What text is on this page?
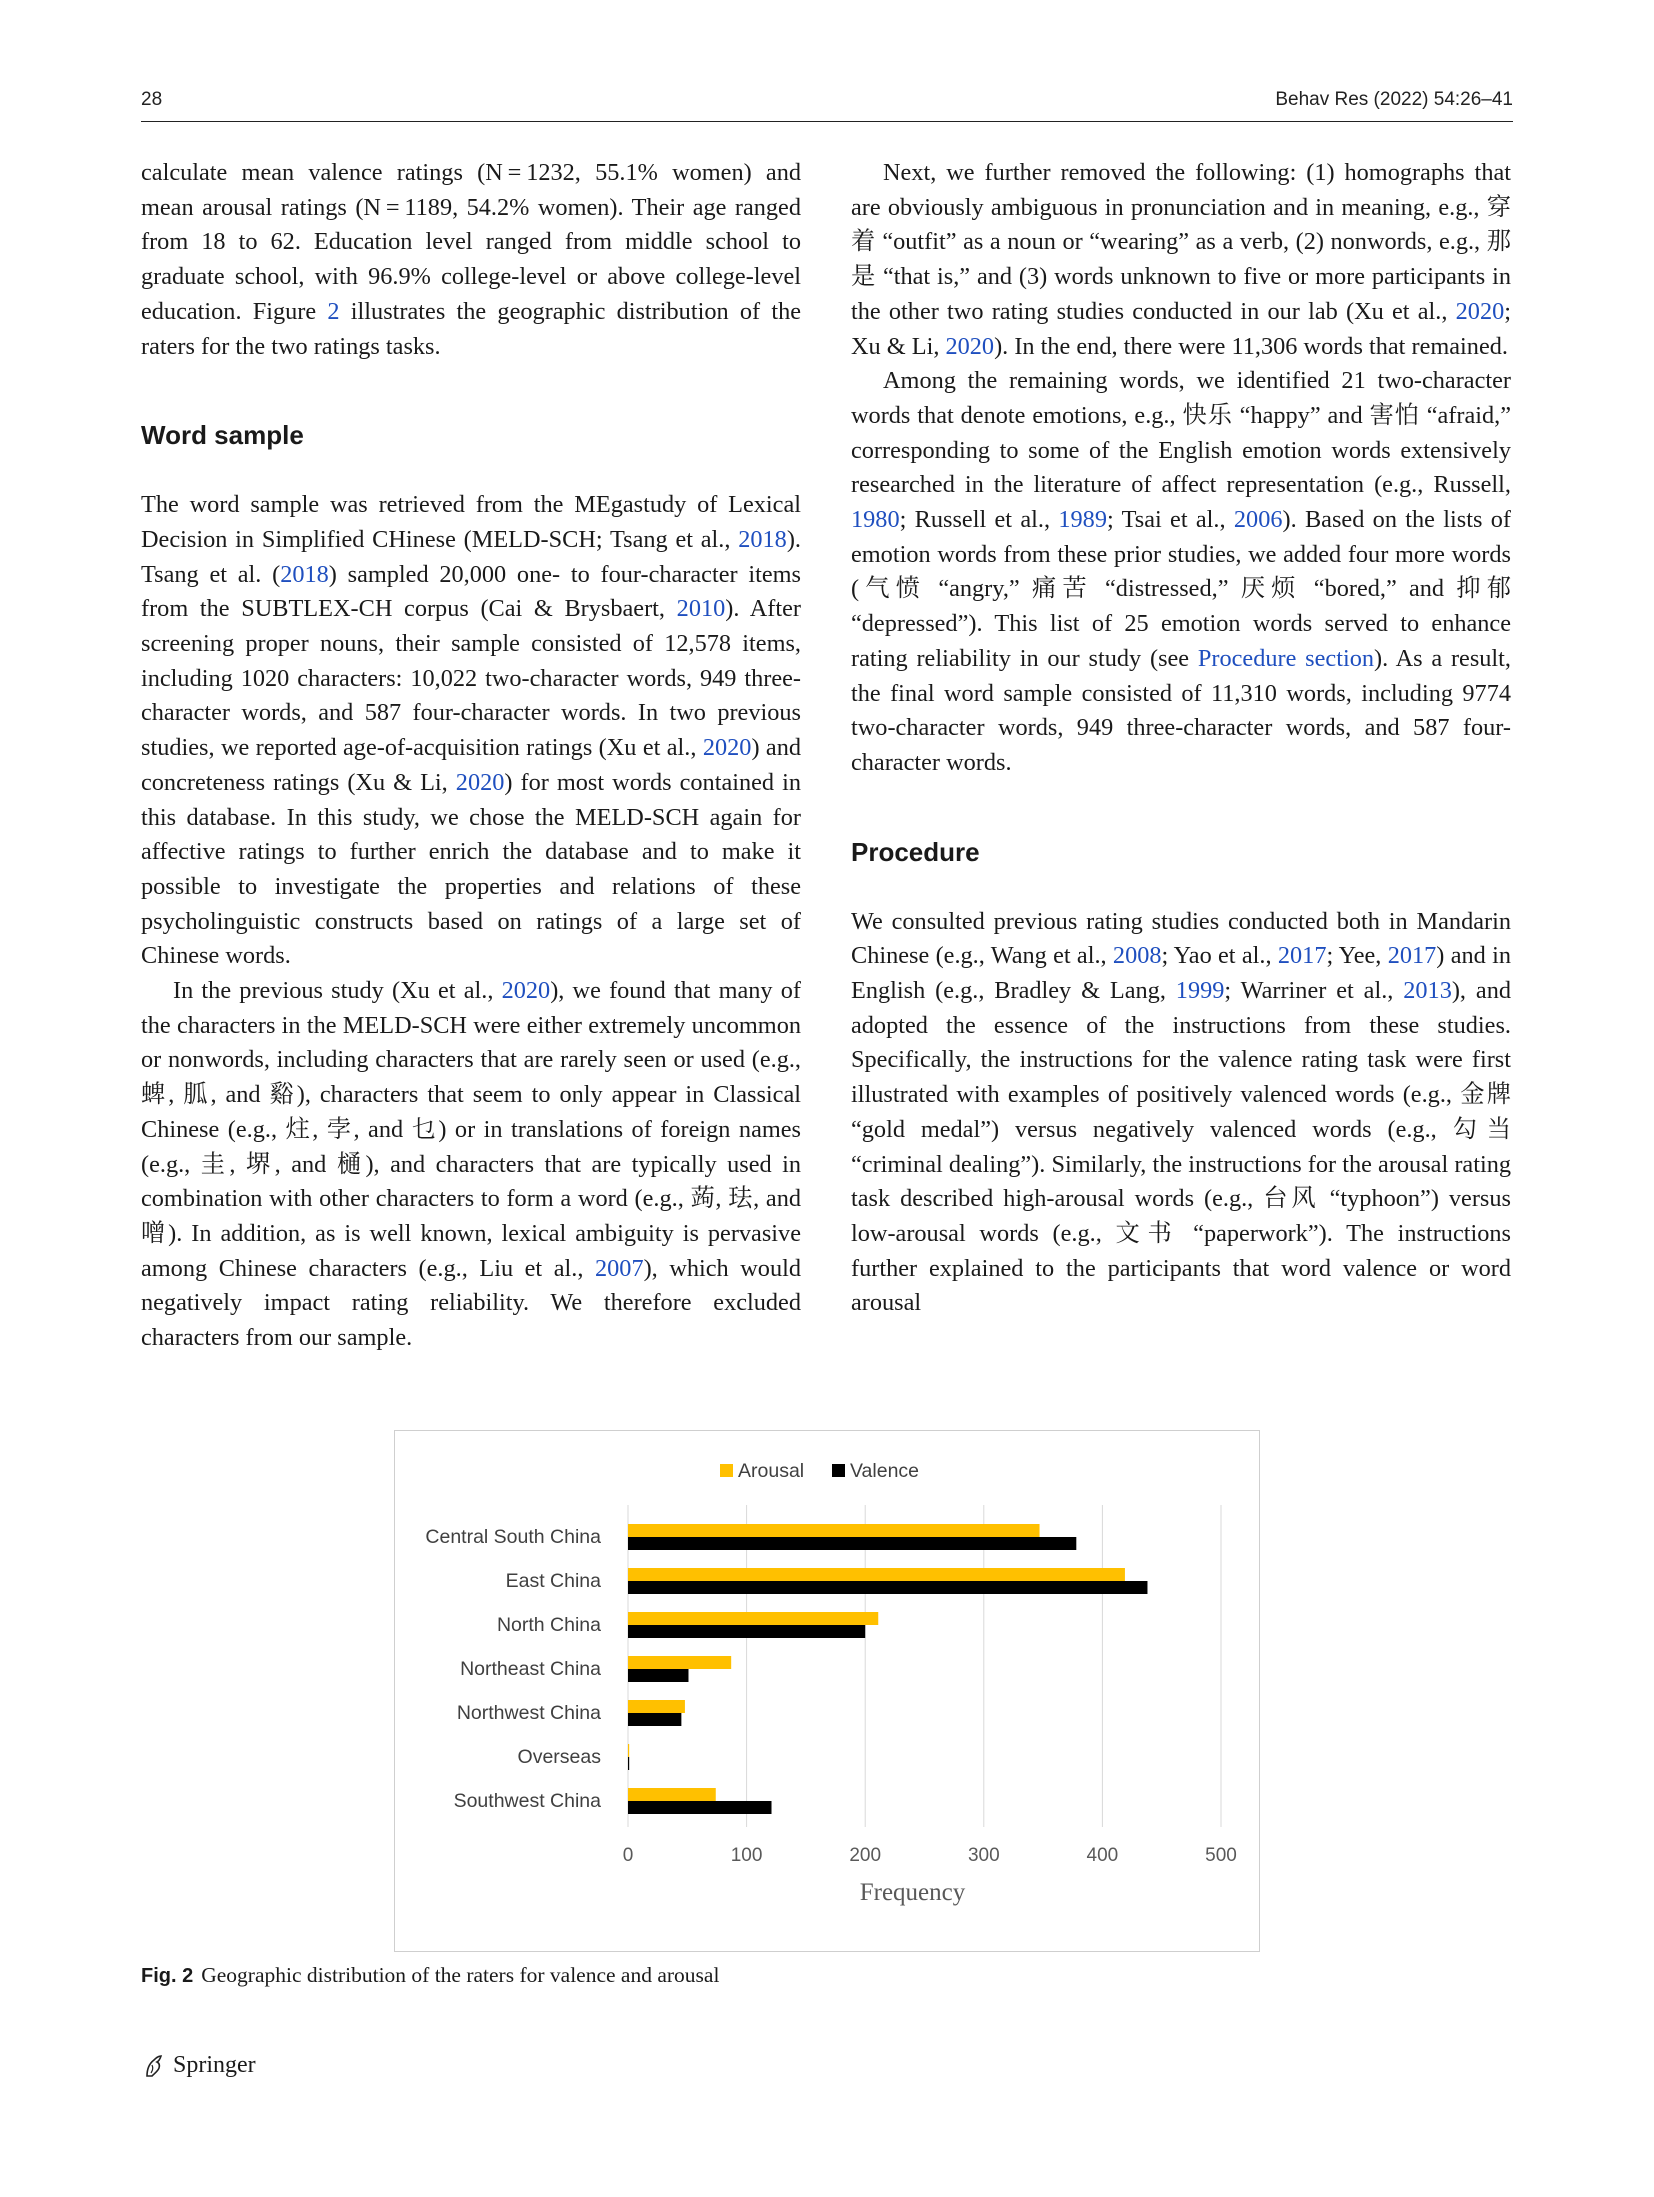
28	Behav Res (2022) 54:26–41

calculate mean valence ratings (N = 1232, 55.1% women) and mean arousal ratings (N = 1189, 54.2% women). Their age ranged from 18 to 62. Education level ranged from middle school to graduate school, with 96.9% college-level or above college-level education. Figure 2 illustrates the geographic distribution of the raters for the two ratings tasks.

Word sample

The word sample was retrieved from the MEgastudy of Lexical Decision in Simplified CHinese (MELD-SCH; Tsang et al., 2018). Tsang et al. (2018) sampled 20,000 one- to four-character items from the SUBTLEX-CH corpus (Cai & Brysbaert, 2010). After screening proper nouns, their sample consisted of 12,578 items, including 1020 characters: 10,022 two-character words, 949 three-character words, and 587 four-character words. In two previous studies, we reported age-of-acquisition ratings (Xu et al., 2020) and concreteness ratings (Xu & Li, 2020) for most words contained in this database. In this study, we chose the MELD-SCH again for affective ratings to further enrich the database and to make it possible to investigate the properties and relations of these psycholinguistic constructs based on ratings of a large set of Chinese words.

In the previous study (Xu et al., 2020), we found that many of the characters in the MELD-SCH were either extremely uncommon or nonwords, including characters that are rarely seen or used (e.g., 蜱, 胍, and 谿), characters that seem to only appear in Classical Chinese (e.g., 炷, 孛, and 乜) or in translations of foreign names (e.g., 圭, 堺, and 樋), and characters that are typically used in combination with other characters to form a word (e.g., 蒟, 珐, and 噌). In addition, as is well known, lexical ambiguity is pervasive among Chinese characters (e.g., Liu et al., 2007), which would negatively impact rating reliability. We therefore excluded characters from our sample.

Next, we further removed the following: (1) homographs that are obviously ambiguous in pronunciation and in meaning, e.g., 穿着 “outfit” as a noun or “wearing” as a verb, (2) nonwords, e.g., 那是 “that is,” and (3) words unknown to five or more participants in the other two rating studies conducted in our lab (Xu et al., 2020; Xu & Li, 2020). In the end, there were 11,306 words that remained.

Among the remaining words, we identified 21 two-character words that denote emotions, e.g., 快乐 “happy” and 害怕 “afraid,” corresponding to some of the English emotion words extensively researched in the literature of affect representation (e.g., Russell, 1980; Russell et al., 1989; Tsai et al., 2006). Based on the lists of emotion words from these prior studies, we added four more words (气愤 “angry,” 痛苦 “distressed,” 厌烦 “bored,” and 抑郁 “depressed”). This list of 25 emotion words served to enhance rating reliability in our study (see Procedure section). As a result, the final word sample consisted of 11,310 words, including 9774 two-character words, 949 three-character words, and 587 four-character words.

Procedure

We consulted previous rating studies conducted both in Mandarin Chinese (e.g., Wang et al., 2008; Yao et al., 2017; Yee, 2017) and in English (e.g., Bradley & Lang, 1999; Warriner et al., 2013), and adopted the essence of the instructions from these studies. Specifically, the instructions for the valence rating task were first illustrated with examples of positively valenced words (e.g., 金牌 “gold medal”) versus negatively valenced words (e.g., 勾当 “criminal dealing”). Similarly, the instructions for the arousal rating task described high-arousal words (e.g., 台风 “typhoon”) versus low-arousal words (e.g., 文书 “paperwork”). The instructions further explained to the participants that word valence or word arousal

0	100	200	300	400	500
Central South China
East China
North China
Northeast China
Northwest China
Overseas
Southwest China
Frequency
Arousal Valence
Fig. 2 Geographic distribution of the raters for valence and arousal
Springer
